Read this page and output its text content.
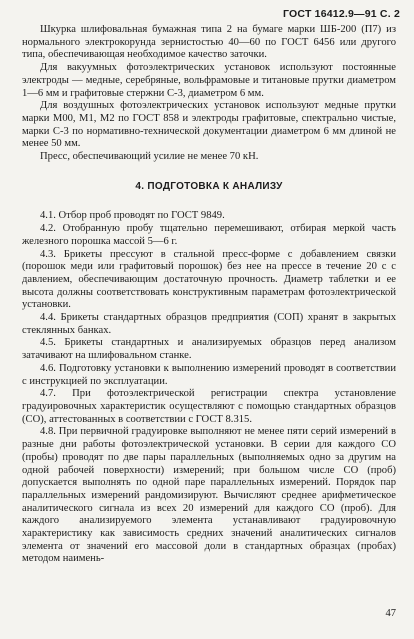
ГОСТ 16412.9—91 С. 2

Шкурка шлифовальная бумажная типа 2 на бумаге марки ШБ-200 (П7) из нормального электрокорунда зернистостью 40—60 по ГОСТ 6456 или другого типа, обеспечивающая необходимое качество заточки.

Для вакуумных фотоэлектрических установок используют постоянные электроды — медные, серебряные, вольфрамовые и титановые прутки диаметром 1—6 мм и графитовые стержни С-3, диаметром 6 мм.

Для воздушных фотоэлектрических установок используют медные прутки марки М00, М1, М2 по ГОСТ 858 и электроды графитовые, спектрально чистые, марки С-3 по нормативно-технической документации диаметром 6 мм длиной не менее 50 мм.

Пресс, обеспечивающий усилие не менее 70 кН.

4. ПОДГОТОВКА К АНАЛИЗУ

4.1. Отбор проб проводят по ГОСТ 9849.

4.2. Отобранную пробу тщательно перемешивают, отбирая меркой часть железного порошка массой 5—6 г.

4.3. Брикеты прессуют в стальной пресс-форме с добавлением связки (порошок меди или графитовый порошок) без нее на прессе в течение 20 с с давлением, обеспечивающим достаточную прочность. Диаметр таблетки и ее высота должны соответствовать конструктивным параметрам фотоэлектрической установки.

4.4. Брикеты стандартных образцов предприятия (СОП) хранят в закрытых стеклянных банках.

4.5. Брикеты стандартных и анализируемых образцов перед анализом затачивают на шлифовальном станке.

4.6. Подготовку установки к выполнению измерений проводят в соответствии с инструкцией по эксплуатации.

4.7. При фотоэлектрической регистрации спектра установление градуировочных характеристик осуществляют с помощью стандартных образцов (СО), аттестованных в соответствии с ГОСТ 8.315.

4.8. При первичной градуировке выполняют не менее пяти серий измерений в разные дни работы фотоэлектрической установки. В серии для каждого СО (пробы) проводят по две пары параллельных (выполняемых одно за другим на одной рабочей поверхности) измерений; при большом числе СО (проб) допускается выполнять по одной паре параллельных измерений. Порядок пар параллельных измерений рандомизируют. Вычисляют среднее арифметическое аналитического сигнала из всех 20 измерений для каждого СО (проб). Для каждого анализируемого элемента устанавливают градуировочную характеристику как зависимость средних значений аналитических сигналов элемента от значений его массовой доли в стандартных образцах (пробах) методом наимень-

47
